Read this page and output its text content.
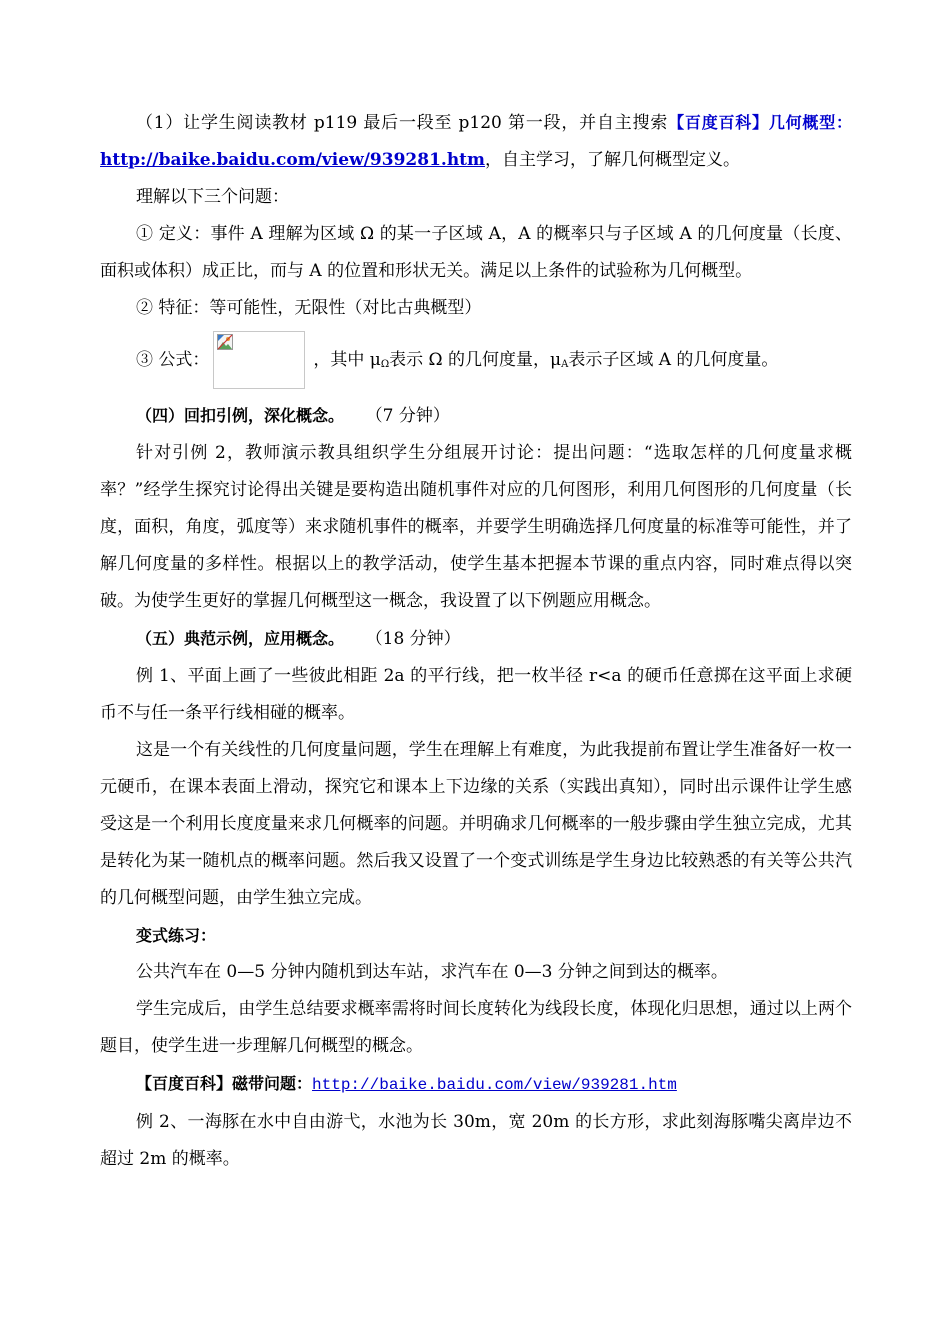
（1）让学生阅读教材 p119 最后一段至 p120 第一段，并自主搜索【百度百科】几何概型：http://baike.baidu.com/view/939281.htm，自主学习，了解几何概型定义。

理解以下三个问题：

① 定义：事件 A 理解为区域 Ω 的某一子区域 A，A 的概率只与子区域 A 的几何度量（长度、面积或体积）成正比，而与 A 的位置和形状无关。满足以上条件的试验称为几何概型。

② 特征：等可能性，无限性（对比古典概型）

③ 公式：	，其中 $\mu_\Omega$表示 Ω 的几何度量，$\mu_A$表示子区域 A 的几何度量。

（四）回扣引例，深化概念。 （7 分钟）

针对引例 2，教师演示教具组织学生分组展开讨论：提出问题：“选取怎样的几何度量求概率？”经学生探究讨论得出关键是要构造出随机事件对应的几何图形，利用几何图形的几何度量（长度，面积，角度，弧度等）来求随机事件的概率，并要学生明确选择几何度量的标准等可能性，并了解几何度量的多样性。根据以上的教学活动，使学生基本把握本节课的重点内容，同时难点得以突破。为使学生更好的掌握几何概型这一概念，我设置了以下例题应用概念。

（五）典范示例，应用概念。 （18 分钟）

例 1、平面上画了一些彼此相距 2a 的平行线，把一枚半径 r<a 的硬币任意掷在这平面上求硬币不与任一条平行线相碰的概率。

这是一个有关线性的几何度量问题，学生在理解上有难度，为此我提前布置让学生准备好一枚一元硬币，在课本表面上滑动，探究它和课本上下边缘的关系（实践出真知），同时出示课件让学生感受这是一个利用长度度量来求几何概率的问题。并明确求几何概率的一般步骤由学生独立完成，尤其是转化为某一随机点的概率问题。然后我又设置了一个变式训练是学生身边比较熟悉的有关等公共汽的几何概型问题，由学生独立完成。

变式练习：

公共汽车在 0—5 分钟内随机到达车站，求汽车在 0—3 分钟之间到达的概率。

学生完成后，由学生总结要求概率需将时间长度转化为线段长度，体现化归思想，通过以上两个题目，使学生进一步理解几何概型的概念。

【百度百科】磁带问题：http://baike.baidu.com/view/939281.htm

例 2、一海豚在水中自由游弋，水池为长 30m，宽 20m 的长方形，求此刻海豚嘴尖离岸边不超过 2m 的概率。
